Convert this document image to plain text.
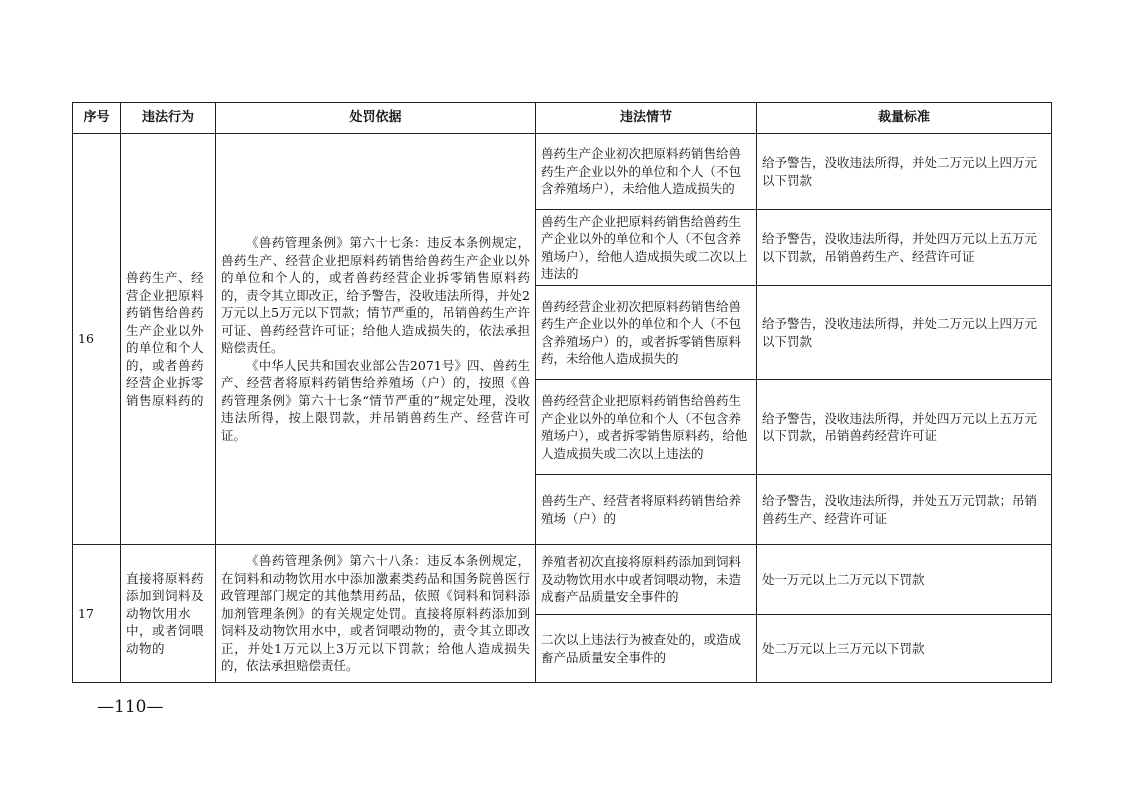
序号	违法行为	处罚依据	违法情节	裁量标准
16	兽药生产、经营企业把原料药销售给兽药生产企业以外的单位和个人的，或者兽药经营企业拆零销售原料药的	《兽药管理条例》第六十七条：违反本条例规定，兽药生产、经营企业把原料药销售给兽药生产企业以外的单位和个人的，或者兽药经营企业拆零销售原料药的，责令其立即改正，给予警告，没收违法所得，并处2万元以上5万元以下罚款；情节严重的，吊销兽药生产许可证、兽药经营许可证；给他人造成损失的，依法承担赔偿责任。

《中华人民共和国农业部公告2071号》四、兽药生产、经营者将原料药销售给养殖场（户）的，按照《兽药管理条例》第六十七条“情节严重的”规定处理，没收违法所得，按上限罚款，并吊销兽药生产、经营许可证。	兽药生产企业初次把原料药销售给兽药生产企业以外的单位和个人（不包含养殖场户），未给他人造成损失的	给予警告，没收违法所得，并处二万元以上四万元以下罚款
			兽药生产企业把原料药销售给兽药生产企业以外的单位和个人（不包含养殖场户），给他人造成损失或二次以上违法的	给予警告，没收违法所得，并处四万元以上五万元以下罚款，吊销兽药生产、经营许可证
			兽药经营企业初次把原料药销售给兽药生产企业以外的单位和个人（不包含养殖场户）的，或者拆零销售原料药，未给他人造成损失的	给予警告，没收违法所得，并处二万元以上四万元以下罚款
			兽药经营企业把原料药销售给兽药生产企业以外的单位和个人（不包含养殖场户），或者拆零销售原料药，给他人造成损失或二次以上违法的	给予警告，没收违法所得，并处四万元以上五万元以下罚款，吊销兽药经营许可证
			兽药生产、经营者将原料药销售给养殖场（户）的	给予警告，没收违法所得，并处五万元罚款；吊销兽药生产、经营许可证
17	直接将原料药添加到饲料及动物饮用水中，或者饲喂动物的	《兽药管理条例》第六十八条：违反本条例规定，在饲料和动物饮用水中添加激素类药品和国务院兽医行政管理部门规定的其他禁用药品，依照《饲料和饲料添加剂管理条例》的有关规定处罚。直接将原料药添加到饲料及动物饮用水中，或者饲喂动物的，责令其立即改正，并处1万元以上3万元以下罚款；给他人造成损失的，依法承担赔偿责任。	养殖者初次直接将原料药添加到饲料及动物饮用水中或者饲喂动物，未造成畜产品质量安全事件的	处一万元以上二万元以下罚款
			二次以上违法行为被查处的，或造成畜产品质量安全事件的	处二万元以上三万元以下罚款
—110—
